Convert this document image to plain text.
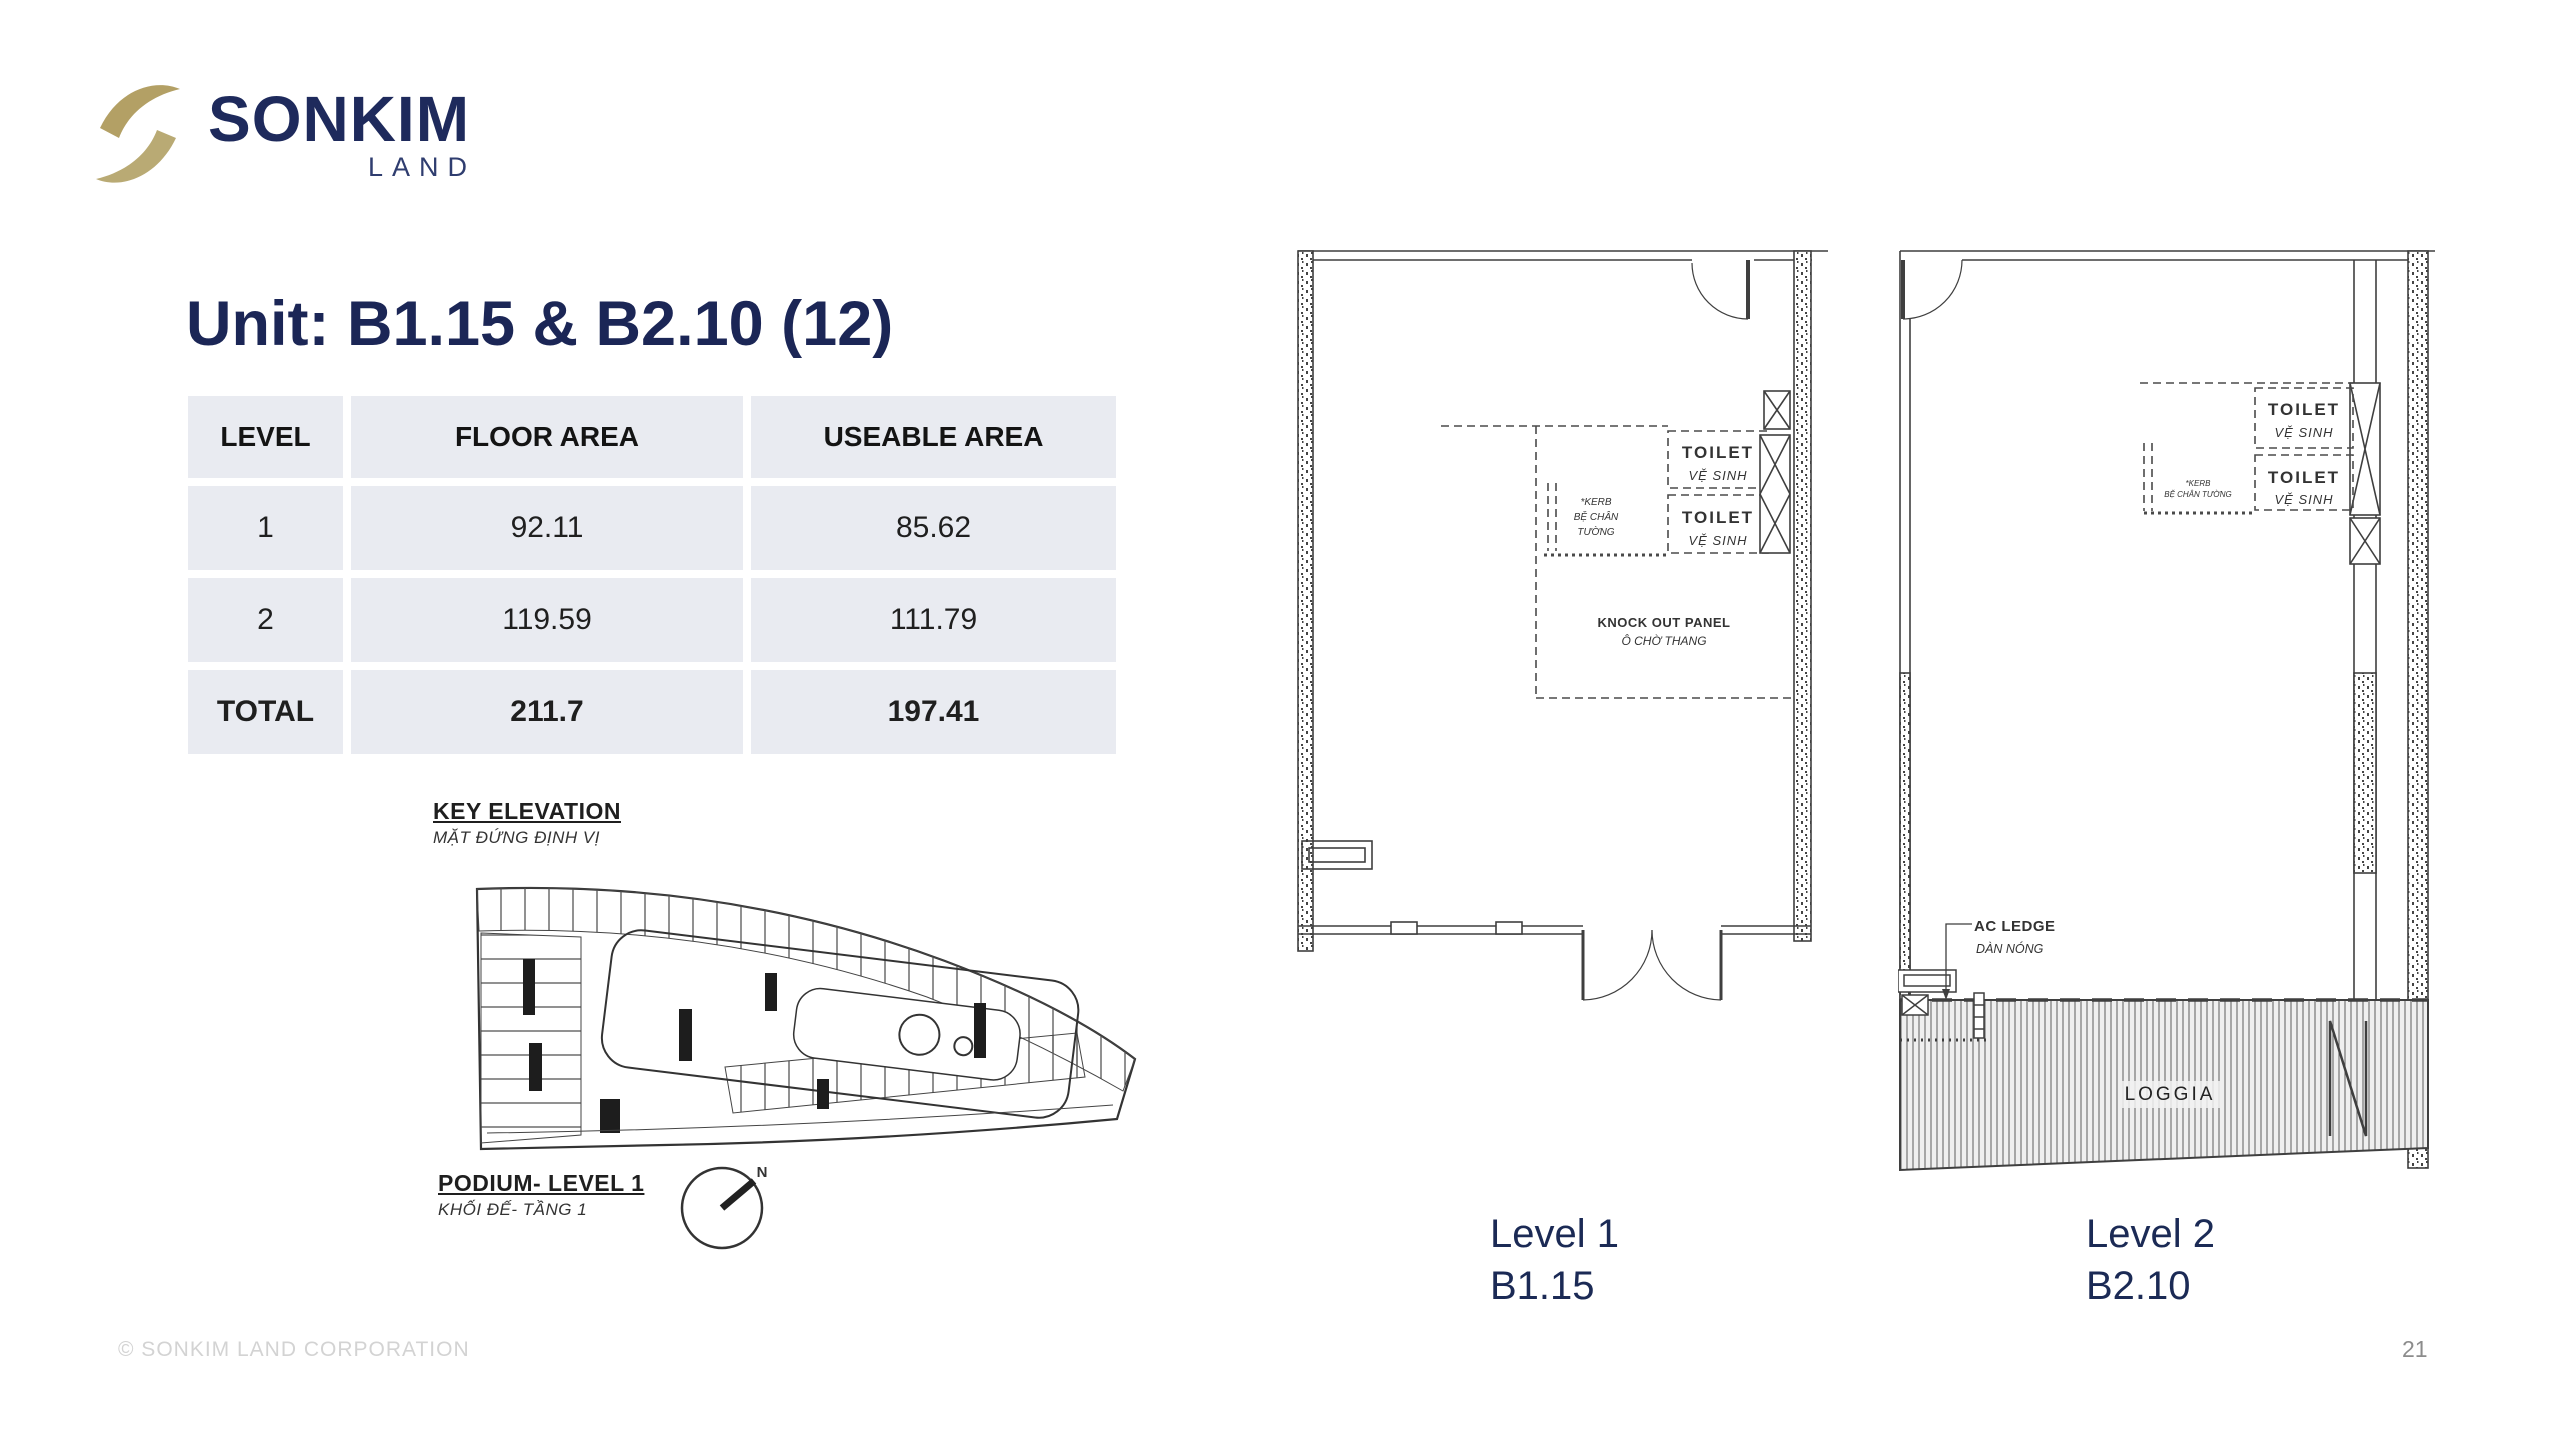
SONKIM
LAND
Unit: B1.15 & B2.10 (12)
LEVEL	FLOOR AREA	USEABLE AREA
1	92.11	85.62
2	119.59	111.79
TOTAL	211.7	197.41
KEY ELEVATION
MẶT ĐỨNG ĐỊNH VỊ
PODIUM- LEVEL 1
KHỐI ĐẾ- TẦNG 1
N
TOILET
VỆ SINH
TOILET
VỆ SINH
*KERB
BỆ CHÂN
TƯỜNG
KNOCK OUT PANEL
Ô CHỜ THANG
LOGGIA
AC LEDGE
DÀN NÓNG
TOILET
VỆ SINH
TOILET
VỆ SINH
*KERB
BỆ CHÂN TƯỜNG
Level 1
B1.15
Level 2
B2.10
© SONKIM LAND CORPORATION	21
